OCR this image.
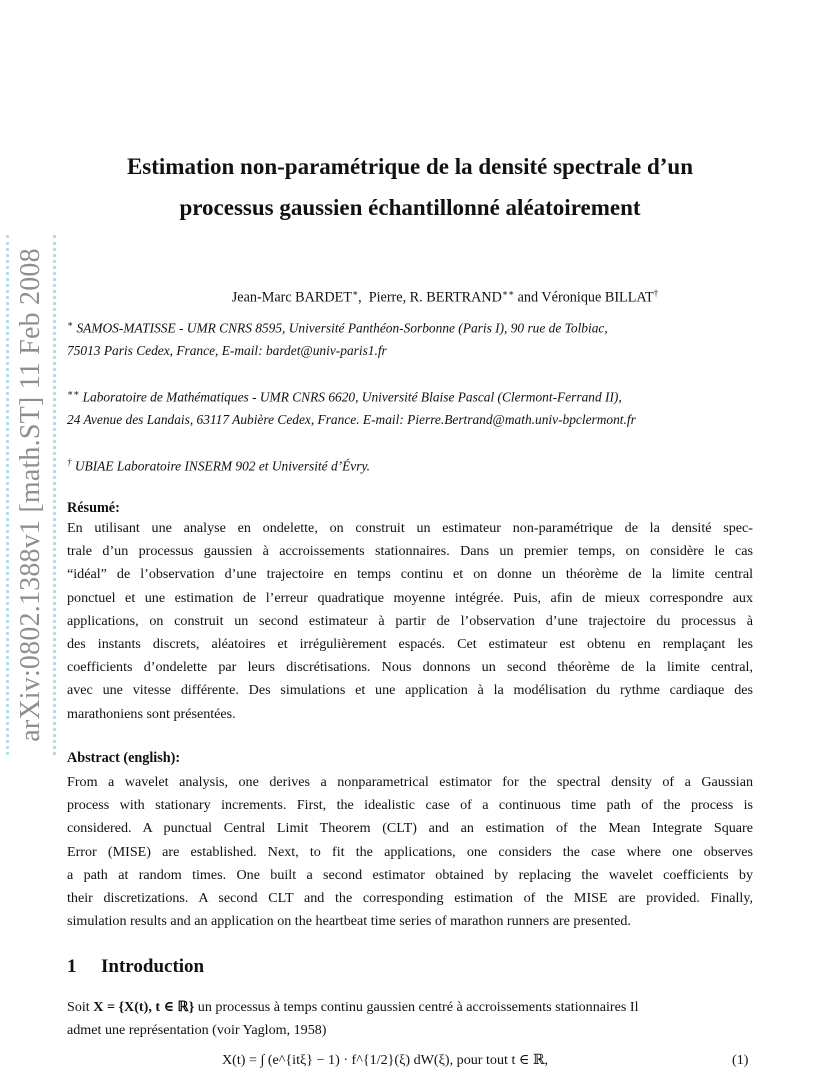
arXiv:0802.1388v1 [math.ST] 11 Feb 2008
Estimation non-paramétrique de la densité spectrale d’un
processus gaussien échantillonné aléatoirement
Jean-Marc BARDET∗,  Pierre, R. BERTRAND∗∗ and Véronique BILLAT†
∗ SAMOS-MATISSE - UMR CNRS 8595, Université Panthéon-Sorbonne (Paris I), 90 rue de Tolbiac,
75013 Paris Cedex, France, E-mail: bardet@univ-paris1.fr
∗∗ Laboratoire de Mathématiques - UMR CNRS 6620, Université Blaise Pascal (Clermont-Ferrand II),
24 Avenue des Landais, 63117 Aubière Cedex, France. E-mail: Pierre.Bertrand@math.univ-bpclermont.fr
† UBIAE Laboratoire INSERM 902 et Université d’Évry.
Résumé:
En utilisant une analyse en ondelette, on construit un estimateur non-paramétrique de la densité spec-
trale d’un processus gaussien à accroissements stationnaires. Dans un premier temps, on considère le cas
“idéal” de l’observation d’une trajectoire en temps continu et on donne un théorème de la limite central
ponctuel et une estimation de l’erreur quadratique moyenne intégrée. Puis, afin de mieux correspondre aux
applications, on construit un second estimateur à partir de l’observation d’une trajectoire du processus à
des instants discrets, aléatoires et irrégulièrement espacés. Cet estimateur est obtenu en remplaçant les
coefficients d’ondelette par leurs discrétisations. Nous donnons un second théorème de la limite central,
avec une vitesse différente. Des simulations et une application à la modélisation du rythme cardiaque des
marathoniens sont présentées.
Abstract (english):
From a wavelet analysis, one derives a nonparametrical estimator for the spectral density of a Gaussian
process with stationary increments. First, the idealistic case of a continuous time path of the process is
considered. A punctual Central Limit Theorem (CLT) and an estimation of the Mean Integrate Square
Error (MISE) are established. Next, to fit the applications, one considers the case where one observes
a path at random times. One built a second estimator obtained by replacing the wavelet coefficients by
their discretizations. A second CLT and the corresponding estimation of the MISE are provided. Finally,
simulation results and an application on the heartbeat time series of marathon runners are presented.
1 Introduction
Soit X = {X(t), t ∈ ℝ} un processus à temps continu gaussien centré à accroissements stationnaires Il
admet une représentation (voir Yaglom, 1958)
X(t) = ∫ (e^{itξ} − 1) · f^{1/2}(ξ) dW(ξ), pour tout t ∈ ℝ,	(1)
